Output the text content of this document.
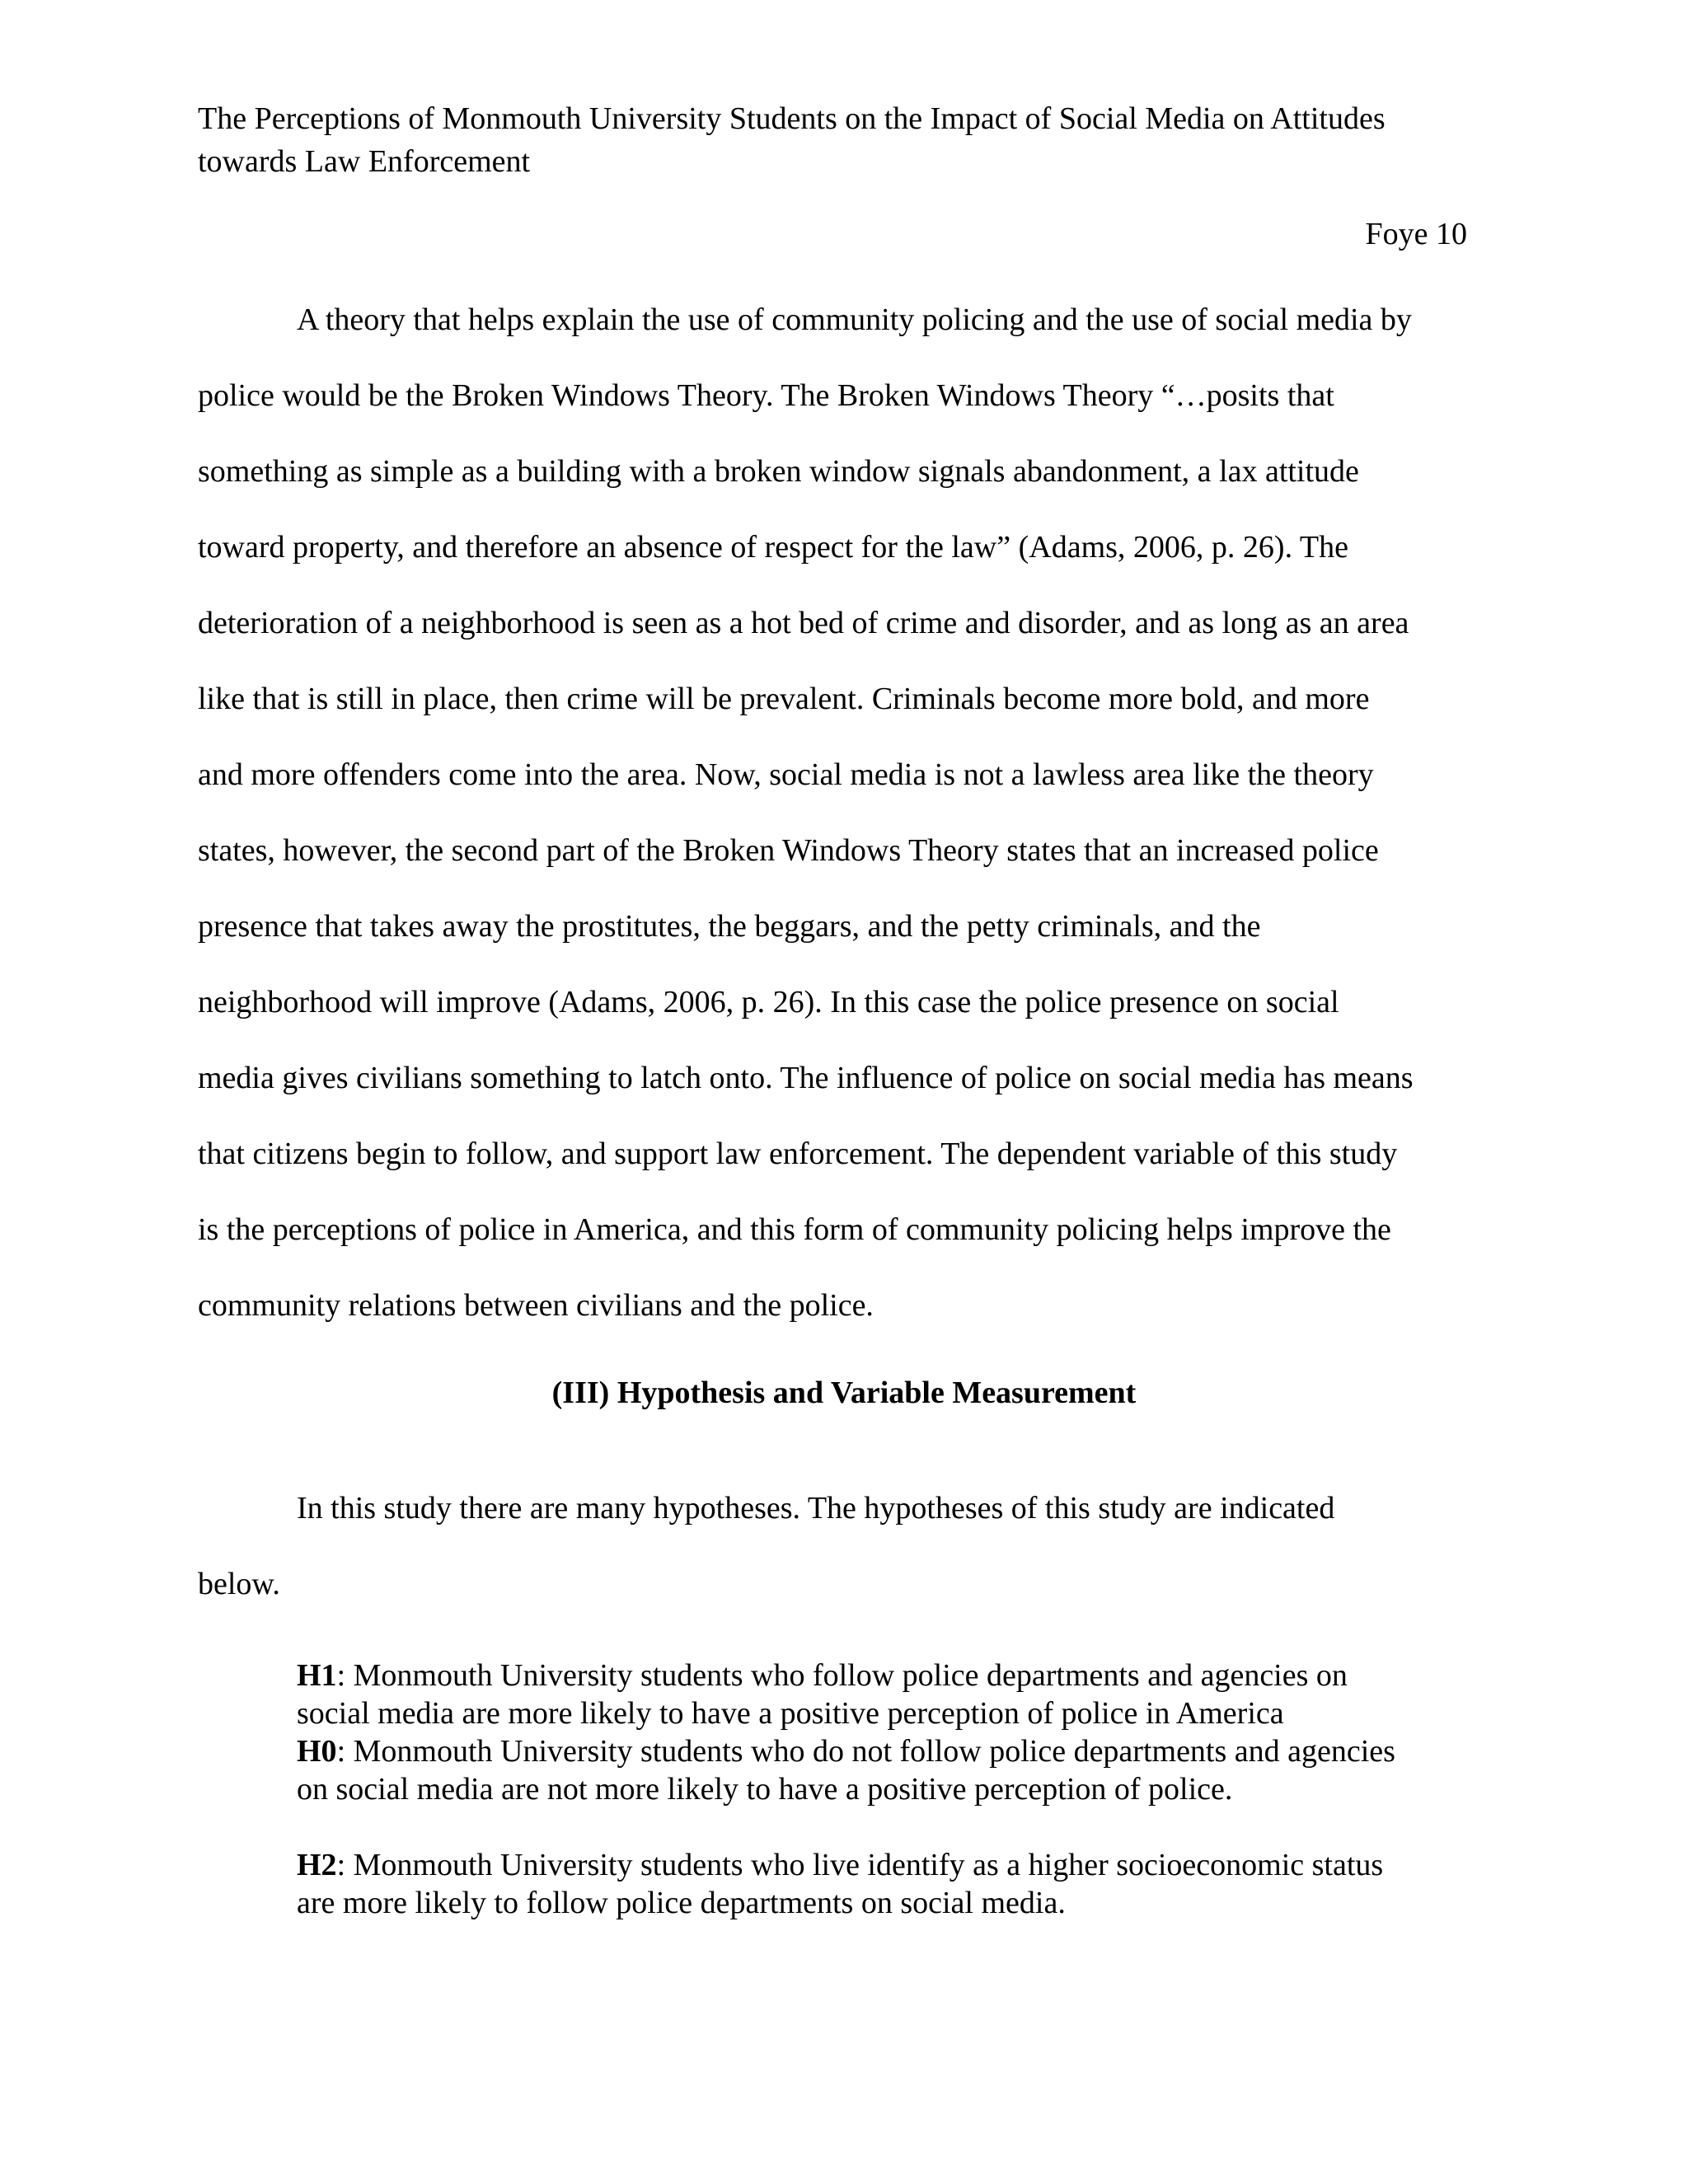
The Perceptions of Monmouth University Students on the Impact of Social Media on Attitudes
towards Law Enforcement
Foye 10
A theory that helps explain the use of community policing and the use of social media by
police would be the Broken Windows Theory. The Broken Windows Theory “…posits that
something as simple as a building with a broken window signals abandonment, a lax attitude
toward property, and therefore an absence of respect for the law” (Adams, 2006, p. 26). The
deterioration of a neighborhood is seen as a hot bed of crime and disorder, and as long as an area
like that is still in place, then crime will be prevalent. Criminals become more bold, and more
and more offenders come into the area. Now, social media is not a lawless area like the theory
states, however, the second part of the Broken Windows Theory states that an increased police
presence that takes away the prostitutes, the beggars, and the petty criminals, and the
neighborhood will improve (Adams, 2006, p. 26). In this case the police presence on social
media gives civilians something to latch onto. The influence of police on social media has means
that citizens begin to follow, and support law enforcement. The dependent variable of this study
is the perceptions of police in America, and this form of community policing helps improve the
community relations between civilians and the police.
(III) Hypothesis and Variable Measurement
In this study there are many hypotheses. The hypotheses of this study are indicated
below.
H1: Monmouth University students who follow police departments and agencies on
social media are more likely to have a positive perception of police in America
H0: Monmouth University students who do not follow police departments and agencies
on social media are not more likely to have a positive perception of police.
H2: Monmouth University students who live identify as a higher socioeconomic status
are more likely to follow police departments on social media.
